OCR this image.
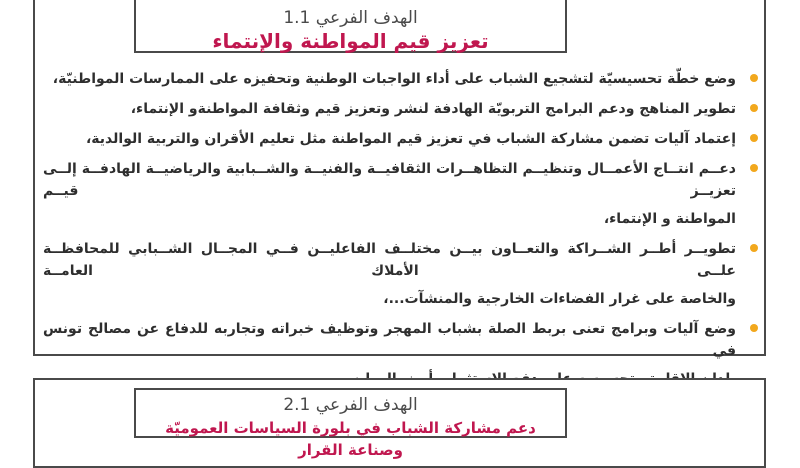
الهدف الفرعي 1.1
تعزيز قيم المواطنة والإنتماء
وضع خطّة تحسيسيّة لتشجيع الشباب على أداء الواجبات الوطنية وتحفيزه على الممارسات المواطنيّة،
تطوير المناهج ودعم البرامج التربويّة الهادفة لنشر وتعزيز قيم وثقافة المواطنةو الإنتماء،
إعتماد آليات تضمن مشاركة الشباب في تعزيز قيم المواطنة مثل تعليم الأقران والتربية الوالدية،
دعــم انتــاج الأعمــال وتنظيــم التظاهــرات الثقافيــة والفنيــة والشــبابية والرياضيــة الهادفــة إلــى تعزيــز قيــم
المواطنة و الإنتماء،
تطويــر أطــر الشــراكة والتعــاون بيــن مختلــف الفاعليــن فــي المجــال الشــبابي للمحافظــة علــى الأملاك العامــة
والخاصة على غرار الفضاءات الخارجية والمنشآت...،
وضع آليات وبرامج تعنى بربط الصلة بشباب المهجر وتوظيف خبراته وتجاربه للدفاع عن مصالح تونس في
الهدف الفرعي 2.1
دعم مشاركة الشباب في بلورة السياسات العموميّة وصناعة القرار
